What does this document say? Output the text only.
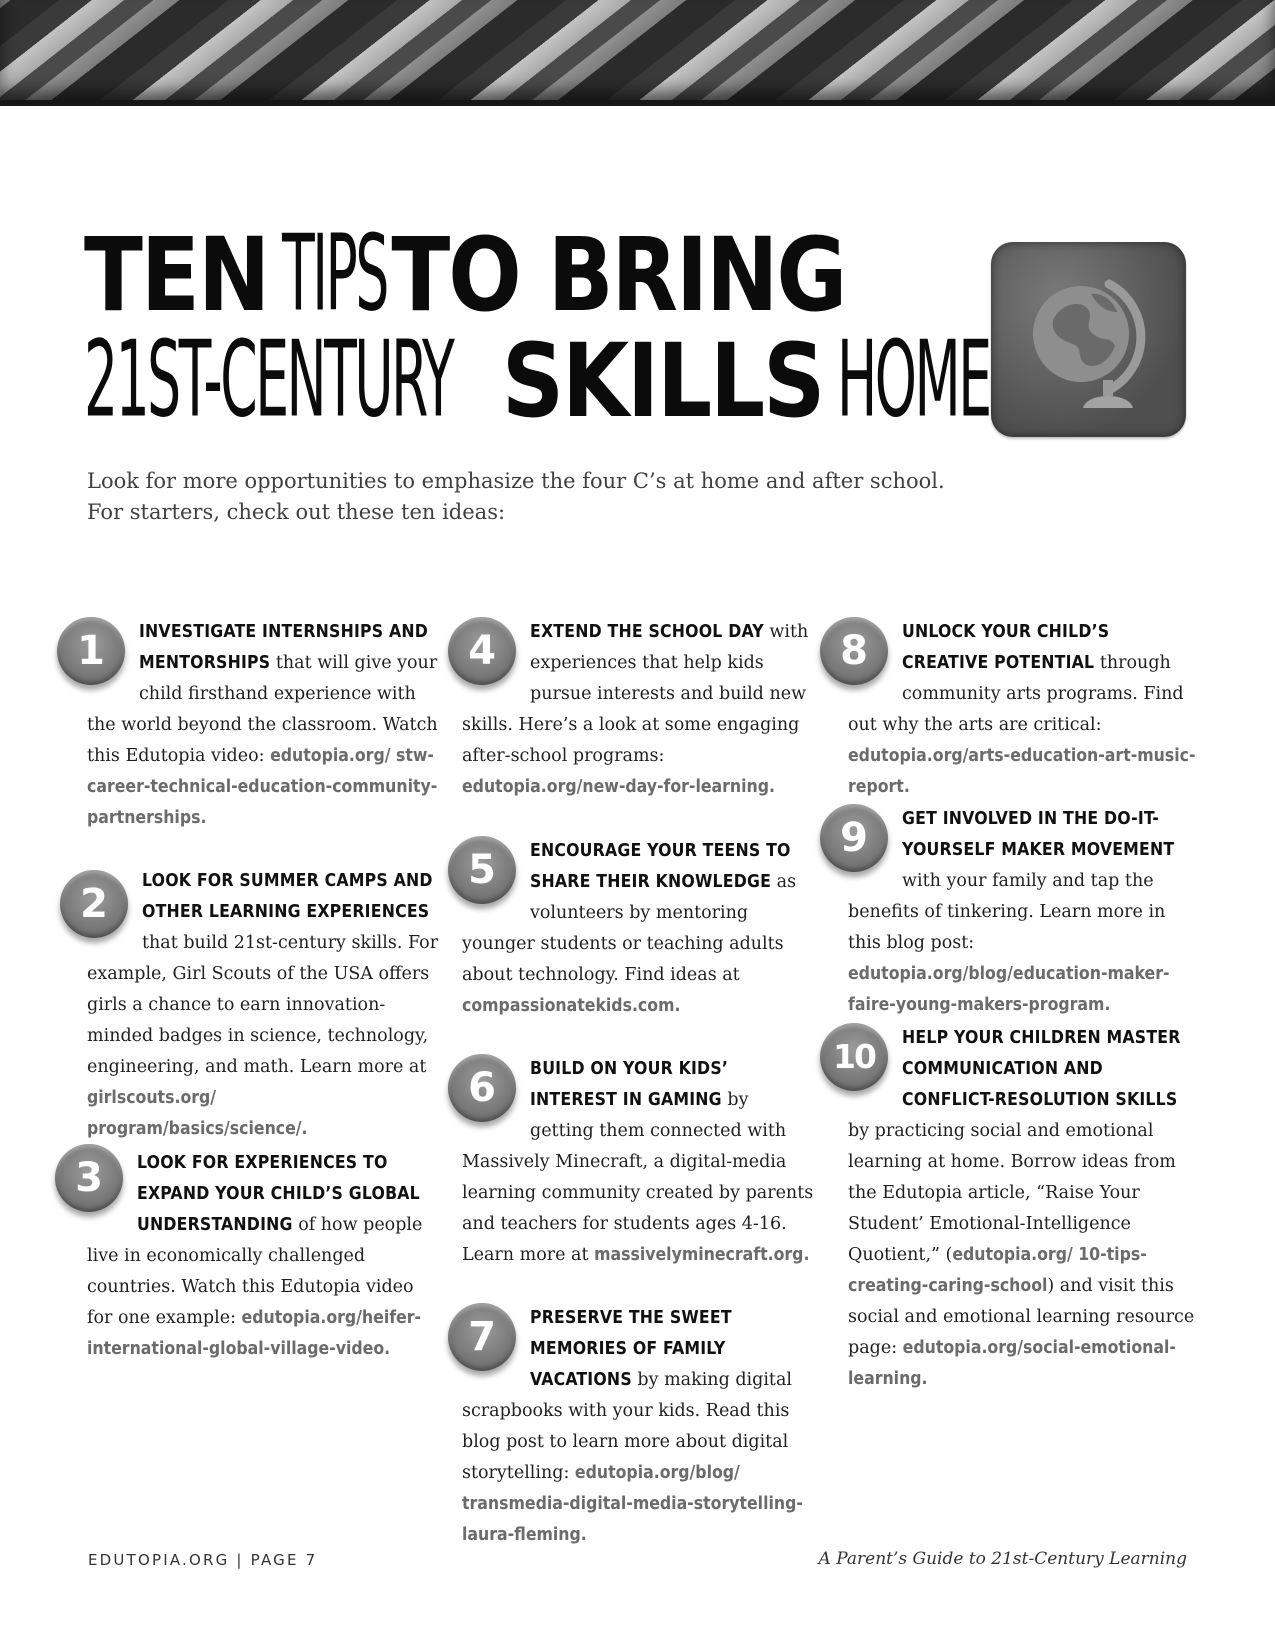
TEN TIPSTO BRING
21ST-CENTURY SKILLS HOME
Look for more opportunities to emphasize the four C’s at home and after school.
For starters, check out these ten ideas:
1	INVESTIGATE INTERNSHIPS AND MENTORSHIPS that will give your child firsthand experience with the world beyond the classroom. Watch this Edutopia video: edutopia.org/ stw-career-technical-education-community-partnerships.

2	LOOK FOR SUMMER CAMPS AND OTHER LEARNING EXPERIENCES that build 21st-century skills. For example, Girl Scouts of the USA offers girls a chance to earn innovation-minded badges in science, technology, engineering, and math. Learn more at girlscouts.org/ program/basics/science/.

3	LOOK FOR EXPERIENCES TO EXPAND YOUR CHILD’S GLOBAL UNDERSTANDING of how people live in economically challenged countries. Watch this Edutopia video for one example: edutopia.org/heifer-international-global-village-video.

4	EXTEND THE SCHOOL DAY with experiences that help kids pursue interests and build new skills. Here’s a look at some engaging after-school programs: edutopia.org/new-day-for-learning.

5	ENCOURAGE YOUR TEENS TO SHARE THEIR KNOWLEDGE as volunteers by mentoring younger students or teaching adults about technology. Find ideas at compassionatekids.com.

6	BUILD ON YOUR KIDS’ INTEREST IN GAMING by getting them connected with Massively Minecraft, a digital-media learning community created by parents and teachers for students ages 4-16. Learn more at massivelyminecraft.org.

7	PRESERVE THE SWEET MEMORIES OF FAMILY VACATIONS by making digital scrapbooks with your kids. Read this blog post to learn more about digital storytelling: edutopia.org/blog/ transmedia-digital-media-storytelling-laura-fleming.

8	UNLOCK YOUR CHILD’S CREATIVE POTENTIAL through community arts programs. Find out why the arts are critical: edutopia.org/arts-education-art-music-report.

9	GET INVOLVED IN THE DO-IT-YOURSELF MAKER MOVEMENT with your family and tap the benefits of tinkering. Learn more in this blog post: edutopia.org/blog/education-maker-faire-young-makers-program.

10	HELP YOUR CHILDREN MASTER COMMUNICATION AND CONFLICT-RESOLUTION SKILLS by practicing social and emotional learning at home. Borrow ideas from the Edutopia article, “Raise Your Student’ Emotional-Intelligence Quotient,” (edutopia.org/ 10-tips-creating-caring-school) and visit this social and emotional learning resource page: edutopia.org/social-emotional-learning.

EDUTOPIA.ORG | PAGE 7	A Parent’s Guide to 21st-Century Learning
